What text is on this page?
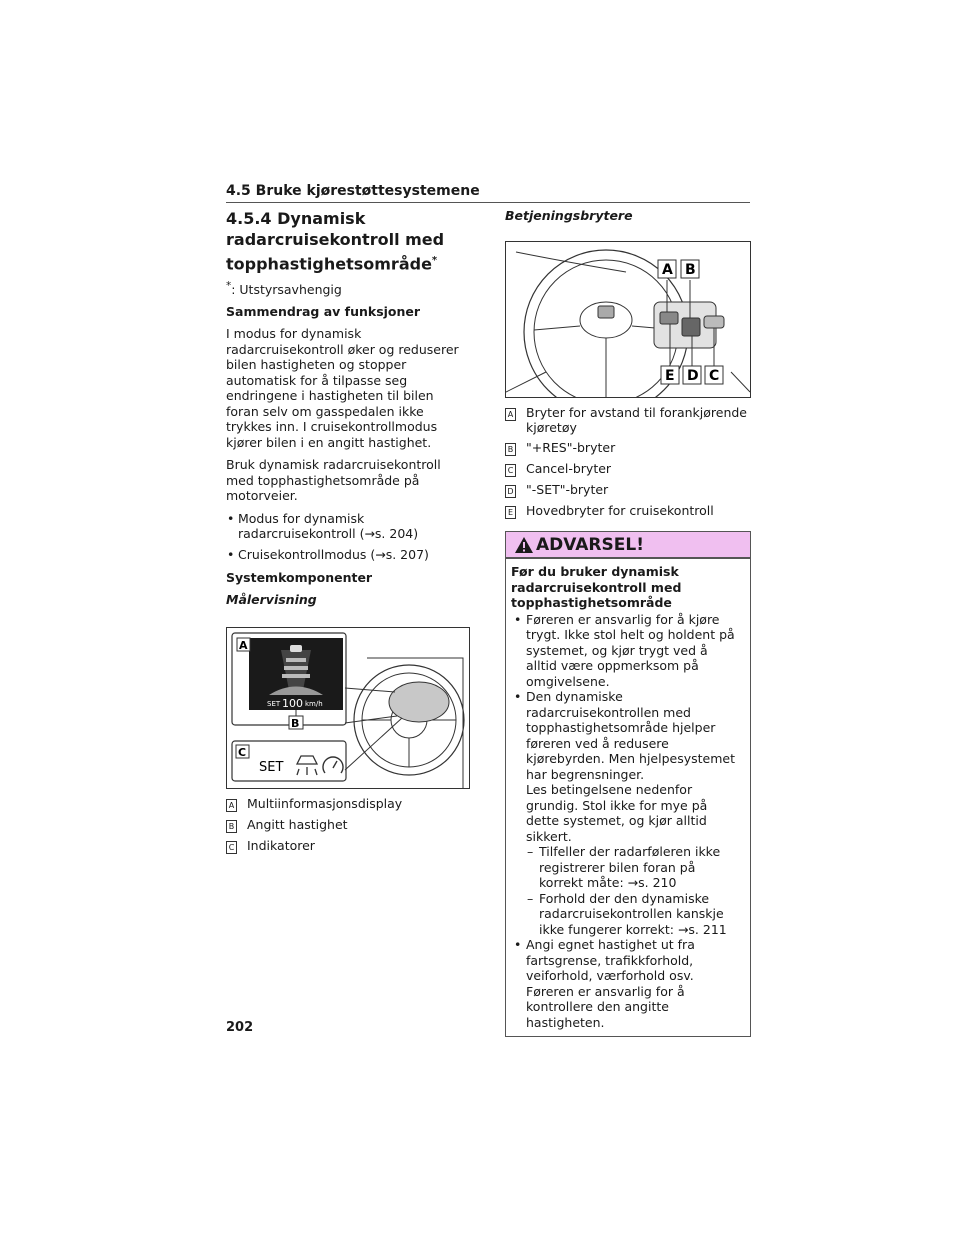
4.5 Bruke kjørestøttesystemene
4.5.4 Dynamisk
radarcruisekontroll med
topphastighetsområde*
*: Utstyrsavhengig
Sammendrag av funksjoner

I modus for dynamisk radarcruisekontroll øker og reduserer bilen hastigheten og stopper automatisk for å tilpasse seg endringene i hastigheten til bilen foran selv om gasspedalen ikke trykkes inn. I cruisekontrollmodus kjører bilen i en angitt hastighet.

Bruk dynamisk radarcruisekontroll med topphastighetsområde på motorveier.

• Modus for dynamisk radarcruisekontroll (→s. 204)
• Cruisekontrollmodus (→s. 207)
Systemkomponenter
Målervisning
SET 100 km/h
A
B
C
SET
A Multiinformasjonsdisplay
B Angitt hastighet
C Indikatorer
Betjeningsbrytere
A B
E D C
A Bryter for avstand til forankjørende kjøretøy
B "+RES"-bryter
C Cancel-bryter
D "-SET"-bryter
E Hovedbryter for cruisekontroll
ADVARSEL!
Før du bruker dynamisk radarcruisekontroll med topphastighetsområde
• Føreren er ansvarlig for å kjøre trygt. Ikke stol helt og holdent på systemet, og kjør trygt ved å alltid være oppmerksom på omgivelsene.
• Den dynamiske radarcruisekontrollen med topphastighetsområde hjelper føreren ved å redusere kjørebyrden. Men hjelpesystemet har begrensninger.
Les betingelsene nedenfor grundig. Stol ikke for mye på dette systemet, og kjør alltid sikkert.
– Tilfeller der radarføleren ikke registrerer bilen foran på korrekt måte: →s. 210
– Forhold der den dynamiske radarcruisekontrollen kanskje ikke fungerer korrekt: →s. 211
• Angi egnet hastighet ut fra fartsgrense, trafikkforhold, veiforhold, værforhold osv. Føreren er ansvarlig for å kontrollere den angitte hastigheten.
202
